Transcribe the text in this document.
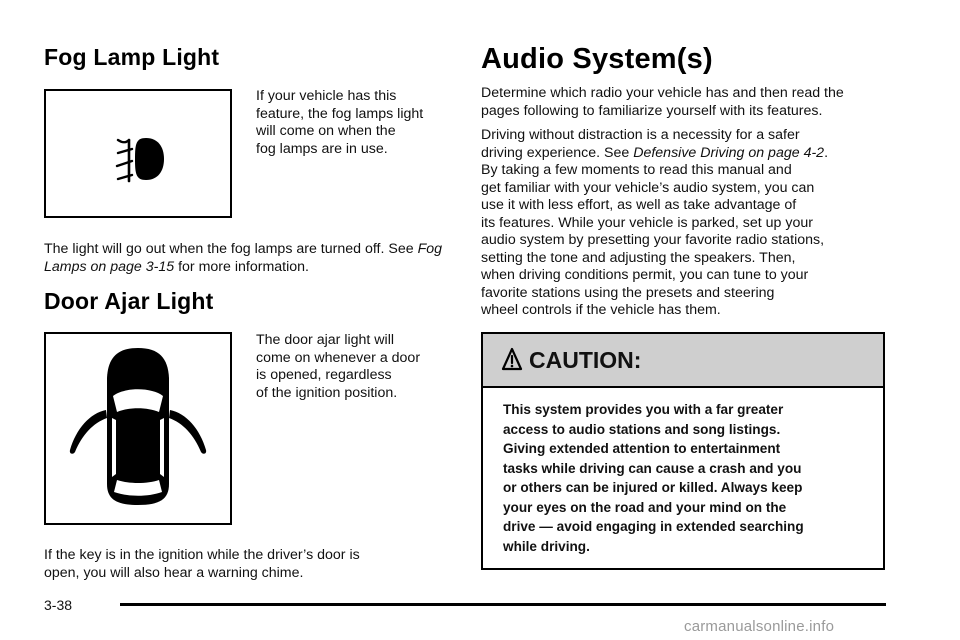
Fog Lamp Light

If your vehicle has this

feature, the fog lamps light

will come on when the

fog lamps are in use.

The light will go out when the fog lamps are turned off. See Fog Lamps on page 3-15 for more information.

Door Ajar Light

The door ajar light will

come on whenever a door

is opened, regardless

of the ignition position.

If the key is in the ignition while the driver’s door is

open, you will also hear a warning chime.

Audio System(s)

Determine which radio your vehicle has and then read the

pages following to familiarize yourself with its features.

Driving without distraction is a necessity for a safer

driving experience. See Defensive Driving on page 4-2.

By taking a few moments to read this manual and

get familiar with your vehicle’s audio system, you can

use it with less effort, as well as take advantage of

its features. While your vehicle is parked, set up your

audio system by presetting your favorite radio stations,

setting the tone and adjusting the speakers. Then,

when driving conditions permit, you can tune to your

favorite stations using the presets and steering

wheel controls if the vehicle has them.

CAUTION:
This system provides you with a far greater
access to audio stations and song listings.
Giving extended attention to entertainment
tasks while driving can cause a crash and you
or others can be injured or killed. Always keep
your eyes on the road and your mind on the
drive — avoid engaging in extended searching
while driving.
3-38
carmanualsonline.info
